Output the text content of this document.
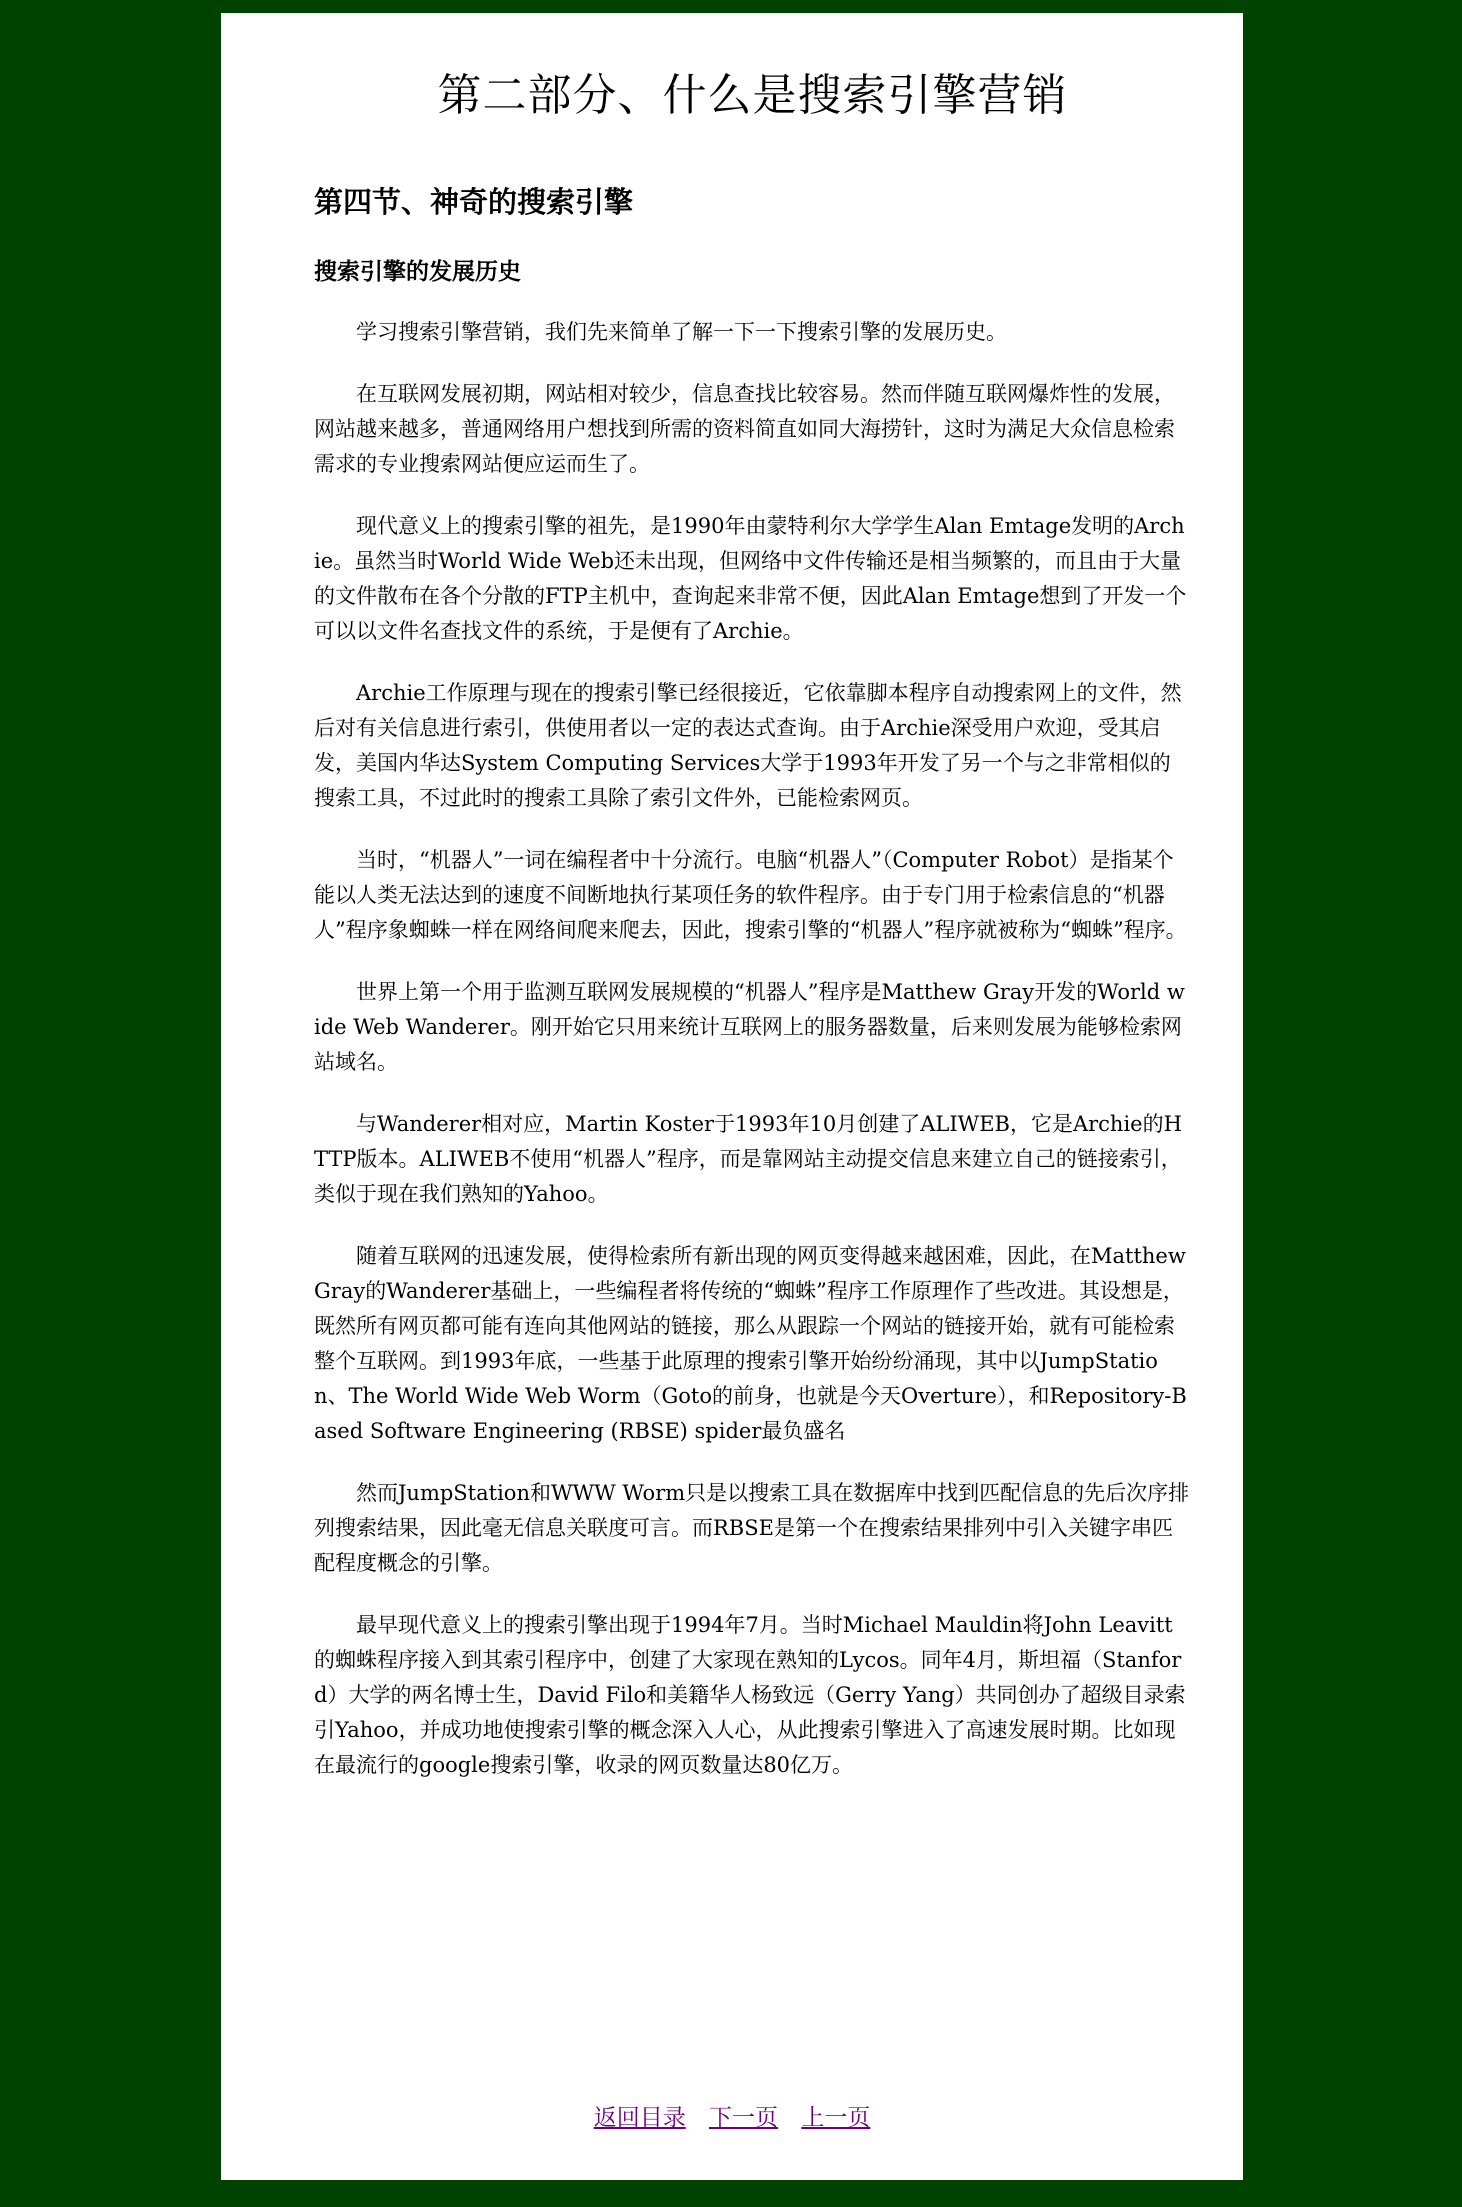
第二部分、什么是搜索引擎营销
第四节、神奇的搜索引擎
搜索引擎的发展历史

学习搜索引擎营销，我们先来简单了解一下一下搜索引擎的发展历史。

在互联网发展初期，网站相对较少，信息查找比较容易。然而伴随互联网爆炸性的发展，网站越来越多，普通网络用户想找到所需的资料简直如同大海捞针，这时为满足大众信息检索需求的专业搜索网站便应运而生了。

现代意义上的搜索引擎的祖先，是1990年由蒙特利尔大学学生Alan Emtage发明的Archie。虽然当时World Wide Web还未出现，但网络中文件传输还是相当频繁的，而且由于大量的文件散布在各个分散的FTP主机中，查询起来非常不便，因此Alan Emtage想到了开发一个可以以文件名查找文件的系统，于是便有了Archie。

Archie工作原理与现在的搜索引擎已经很接近，它依靠脚本程序自动搜索网上的文件，然后对有关信息进行索引，供使用者以一定的表达式查询。由于Archie深受用户欢迎，受其启发，美国内华达System Computing Services大学于1993年开发了另一个与之非常相似的搜索工具，不过此时的搜索工具除了索引文件外，已能检索网页。

当时，“机器人”一词在编程者中十分流行。电脑“机器人”（Computer Robot）是指某个能以人类无法达到的速度不间断地执行某项任务的软件程序。由于专门用于检索信息的“机器人”程序象蜘蛛一样在网络间爬来爬去，因此，搜索引擎的“机器人”程序就被称为“蜘蛛”程序。

世界上第一个用于监测互联网发展规模的“机器人”程序是Matthew Gray开发的World wide Web Wanderer。刚开始它只用来统计互联网上的服务器数量，后来则发展为能够检索网站域名。

与Wanderer相对应，Martin Koster于1993年10月创建了ALIWEB，它是Archie的HTTP版本。ALIWEB不使用“机器人”程序，而是靠网站主动提交信息来建立自己的链接索引，类似于现在我们熟知的Yahoo。

随着互联网的迅速发展，使得检索所有新出现的网页变得越来越困难，因此，在Matthew Gray的Wanderer基础上，一些编程者将传统的“蜘蛛”程序工作原理作了些改进。其设想是，既然所有网页都可能有连向其他网站的链接，那么从跟踪一个网站的链接开始，就有可能检索整个互联网。到1993年底，一些基于此原理的搜索引擎开始纷纷涌现，其中以JumpStation、The World Wide Web Worm（Goto的前身，也就是今天Overture），和Repository-Based Software Engineering (RBSE) spider最负盛名

然而JumpStation和WWW Worm只是以搜索工具在数据库中找到匹配信息的先后次序排列搜索结果，因此毫无信息关联度可言。而RBSE是第一个在搜索结果排列中引入关键字串匹配程度概念的引擎。

最早现代意义上的搜索引擎出现于1994年7月。当时Michael Mauldin将John Leavitt的蜘蛛程序接入到其索引程序中，创建了大家现在熟知的Lycos。同年4月，斯坦福（Stanford）大学的两名博士生，David Filo和美籍华人杨致远（Gerry Yang）共同创办了超级目录索引Yahoo，并成功地使搜索引擎的概念深入人心，从此搜索引擎进入了高速发展时期。比如现在最流行的google搜索引擎，收录的网页数量达80亿万。

返回目录 下一页 上一页
